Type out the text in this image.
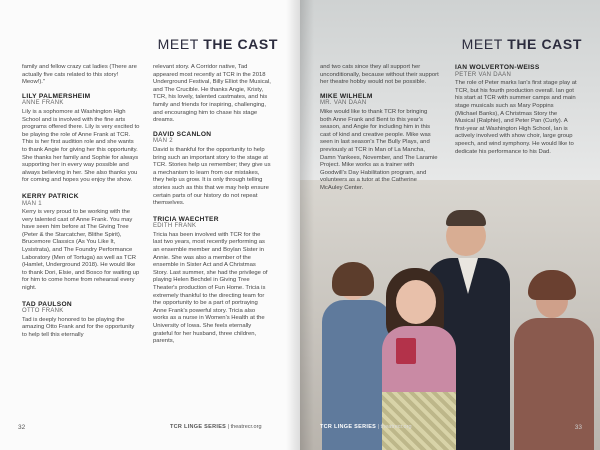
MEET THE CAST

family and fellow crazy cat ladies (There are actually five cats related to this story! Meow!)."

LILY PALMERSHEIM
ANNE FRANK
Lily is a sophomore at Washington High School and is involved with the fine arts programs offered there. Lily is very excited to be playing the role of Anne Frank at TCR. This is her first audition role and she wants to thank Angie for giving her this opportunity. She thanks her family and Sophie for always supporting her in every way possible and always believing in her. She also thanks you for coming and hopes you enjoy the show.
KERRY PATRICK
MAN 1
Kerry is very proud to be working with the very talented cast of Anne Frank. You may have seen him before at The Giving Tree (Peter & the Starcatcher, Blithe Spirit), Brucemore Classics (As You Like It, Lysistrata), and The Foundry Performance Laboratory (Men of Tortuga) as well as TCR (Hamlet, Underground 2018). He would like to thank Dori, Elsie, and Bosco for waiting up for him to come home from rehearsal every night.
TAD PAULSON
OTTO FRANK
Tad is deeply honored to be playing the amazing Otto Frank and for the opportunity to help tell this eternally

relevant story. A Corridor native, Tad appeared most recently at TCR in the 2018 Underground Festival, Billy Elliot the Musical, and The Crucible. He thanks Angie, Kristy, TCR, his lovely, talented castmates, and his family and friends for inspiring, challenging, and encouraging him to chase his stage dreams.

DAVID SCANLON
MAN 2
David is thankful for the opportunity to help bring such an important story to the stage at TCR. Stories help us remember; they give us a mechanism to learn from our mistakes, they help us grow. It is only through telling stories such as this that we may help ensure certain parts of our history do not repeat themselves.
TRICIA WAECHTER
EDITH FRANK
Tricia has been involved with TCR for the last two years, most recently performing as an ensemble member and Boylan Sister in Annie. She was also a member of the ensemble in Sister Act and A Christmas Story. Last summer, she had the privilege of playing Helen Bechdel in Giving Tree Theater's production of Fun Home. Tricia is extremely thankful to the directing team for the opportunity to be a part of portraying Anne Frank's powerful story. Tricia also works as a nurse in Women's Health at the University of Iowa. She feels eternally grateful for her husband, three children, parents,
32	TCR LINGE SERIES | theatrecr.org
MEET THE CAST

and two cats since they all support her unconditionally, because without their support her theatre hobby would not be possible.

MIKE WILHELM
MR. VAN DAAN
Mike would like to thank TCR for bringing both Anne Frank and Bent to this year's season, and Angie for including him in this cast of kind and creative people. Mike was seen in last season's The Bully Plays, and previously at TCR in Man of La Mancha, Damn Yankees, November, and The Laramie Project. Mike works as a trainer with Goodwill's Day Habilitation program, and volunteers as a tutor at the Catherine McAuley Center.
IAN WOLVERTON-WEISS
PETER VAN DAAN
The role of Peter marks Ian's first stage play at TCR, but his fourth production overall. Ian got his start at TCR with summer camps and main stage musicals such as Mary Poppins (Michael Banks), A Christmas Story the Musical (Ralphie), and Peter Pan (Curly). A first-year at Washington High School, Ian is actively involved with show choir, large group speech, and wind symphony. He would like to dedicate his performance to his Dad.
TCR LINGE SERIES | theatrecr.org	33
